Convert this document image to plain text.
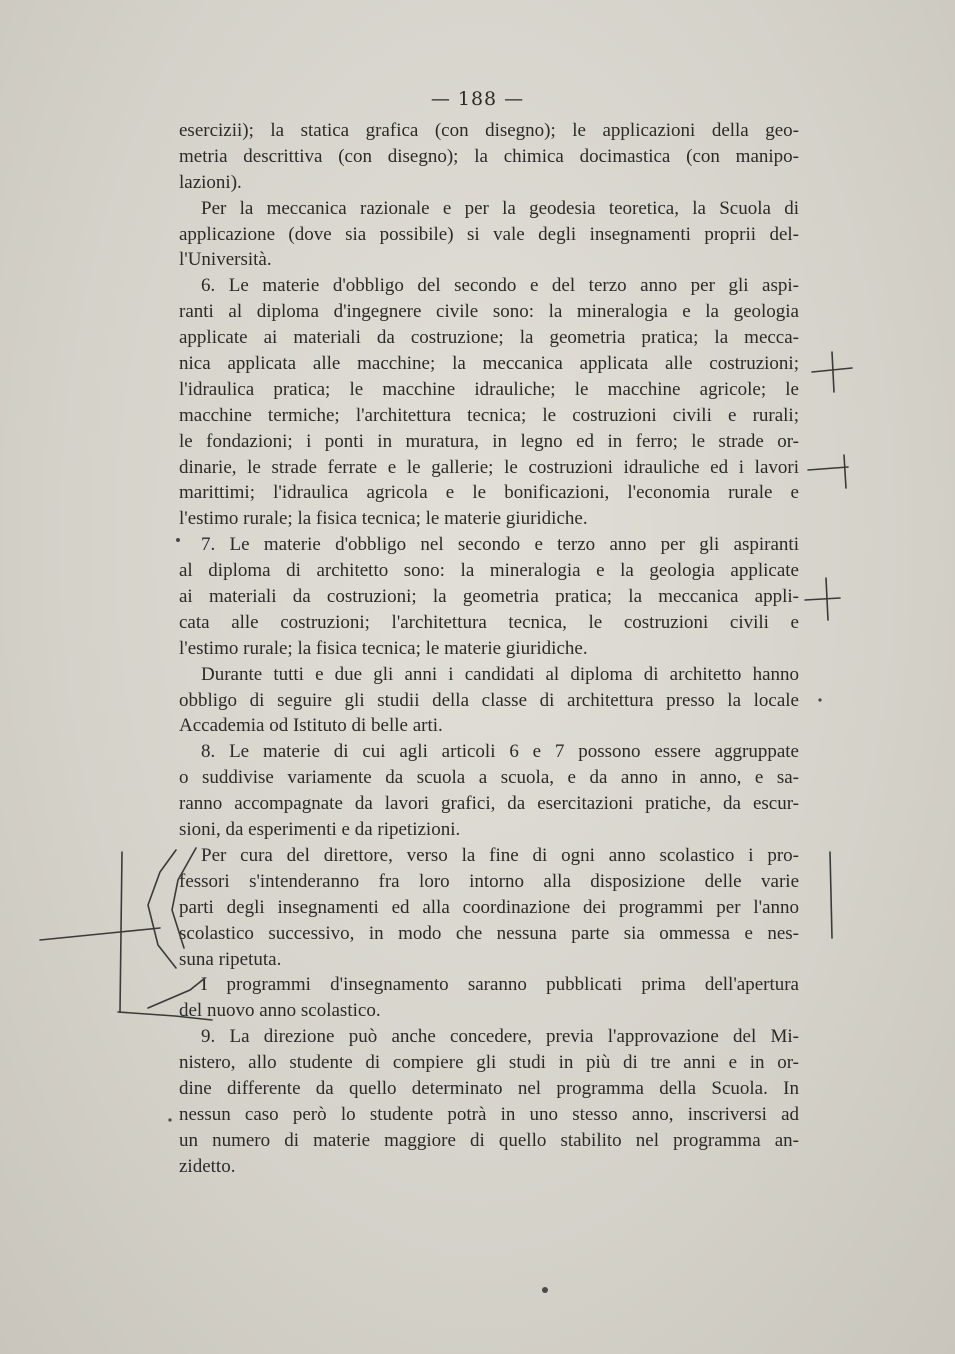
— 188 —
esercizii); la statica grafica (con disegno); le applicazioni della geo-
metria descrittiva (con disegno); la chimica docimastica (con manipo-
lazioni).
Per la meccanica razionale e per la geodesia teoretica, la Scuola di
applicazione (dove sia possibile) si vale degli insegnamenti proprii del-
l'Università.
6. Le materie d'obbligo del secondo e del terzo anno per gli aspi-
ranti al diploma d'ingegnere civile sono: la mineralogia e la geologia
applicate ai materiali da costruzione; la geometria pratica; la mecca-
nica applicata alle macchine; la meccanica applicata alle costruzioni;
l'idraulica pratica; le macchine idrauliche; le macchine agricole; le
macchine termiche; l'architettura tecnica; le costruzioni civili e rurali;
le fondazioni; i ponti in muratura, in legno ed in ferro; le strade or-
dinarie, le strade ferrate e le gallerie; le costruzioni idrauliche ed i lavori
marittimi; l'idraulica agricola e le bonificazioni, l'economia rurale e
l'estimo rurale; la fisica tecnica; le materie giuridiche.
7. Le materie d'obbligo nel secondo e terzo anno per gli aspiranti
al diploma di architetto sono: la mineralogia e la geologia applicate
ai materiali da costruzioni; la geometria pratica; la meccanica appli-
cata alle costruzioni; l'architettura tecnica, le costruzioni civili e
l'estimo rurale; la fisica tecnica; le materie giuridiche.
Durante tutti e due gli anni i candidati al diploma di architetto hanno
obbligo di seguire gli studii della classe di architettura presso la locale
Accademia od Istituto di belle arti.
8. Le materie di cui agli articoli 6 e 7 possono essere aggruppate
o suddivise variamente da scuola a scuola, e da anno in anno, e sa-
ranno accompagnate da lavori grafici, da esercitazioni pratiche, da escur-
sioni, da esperimenti e da ripetizioni.
Per cura del direttore, verso la fine di ogni anno scolastico i pro-
fessori s'intenderanno fra loro intorno alla disposizione delle varie
parti degli insegnamenti ed alla coordinazione dei programmi per l'anno
scolastico successivo, in modo che nessuna parte sia ommessa e nes-
suna ripetuta.
I programmi d'insegnamento saranno pubblicati prima dell'apertura
del nuovo anno scolastico.
9. La direzione può anche concedere, previa l'approvazione del Mi-
nistero, allo studente di compiere gli studi in più di tre anni e in or-
dine differente da quello determinato nel programma della Scuola. In
nessun caso però lo studente potrà in uno stesso anno, inscriversi ad
un numero di materie maggiore di quello stabilito nel programma an-
zidetto.
